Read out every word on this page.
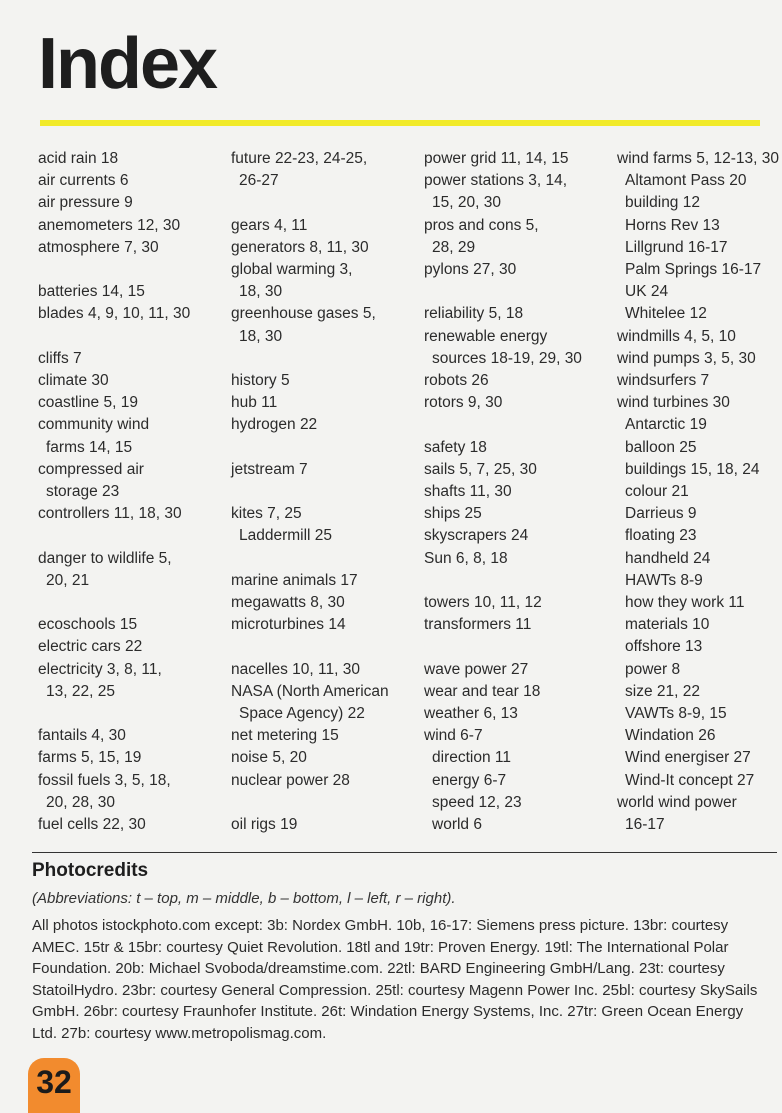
Index
acid rain 18
air currents 6
air pressure 9
anemometers 12, 30
atmosphere 7, 30
batteries 14, 15
blades 4, 9, 10, 11, 30
cliffs 7
climate 30
coastline 5, 19
community wind
farms 14, 15
compressed air
storage 23
controllers 11, 18, 30
danger to wildlife 5,
20, 21
ecoschools 15
electric cars 22
electricity 3, 8, 11,
13, 22, 25
fantails 4, 30
farms 5, 15, 19
fossil fuels 3, 5, 18,
20, 28, 30
fuel cells 22, 30
future 22-23, 24-25,
26-27
gears 4, 11
generators 8, 11, 30
global warming 3,
18, 30
greenhouse gases 5,
18, 30
history 5
hub 11
hydrogen 22
jetstream 7
kites 7, 25
Laddermill 25
marine animals 17
megawatts 8, 30
microturbines 14
nacelles 10, 11, 30
NASA (North American
Space Agency) 22
net metering 15
noise 5, 20
nuclear power 28
oil rigs 19
power grid 11, 14, 15
power stations 3, 14,
15, 20, 30
pros and cons 5,
28, 29
pylons 27, 30
reliability 5, 18
renewable energy
sources 18-19, 29, 30
robots 26
rotors 9, 30
safety 18
sails 5, 7, 25, 30
shafts 11, 30
ships 25
skyscrapers 24
Sun 6, 8, 18
towers 10, 11, 12
transformers 11
wave power 27
wear and tear 18
weather 6, 13
wind 6-7
direction 11
energy 6-7
speed 12, 23
world 6
wind farms 5, 12-13, 30
Altamont Pass 20
building 12
Horns Rev 13
Lillgrund 16-17
Palm Springs 16-17
UK 24
Whitelee 12
windmills 4, 5, 10
wind pumps 3, 5, 30
windsurfers 7
wind turbines 30
Antarctic 19
balloon 25
buildings 15, 18, 24
colour 21
Darrieus 9
floating 23
handheld 24
HAWTs 8-9
how they work 11
materials 10
offshore 13
power 8
size 21, 22
VAWTs 8-9, 15
Windation 26
Wind energiser 27
Wind-It concept 27
world wind power
16-17
Photocredits

(Abbreviations: t – top, m – middle, b – bottom, l – left, r – right).

All photos istockphoto.com except: 3b: Nordex GmbH. 10b, 16-17: Siemens press picture. 13br: courtesy AMEC. 15tr & 15br: courtesy Quiet Revolution. 18tl and 19tr: Proven Energy. 19tl: The International Polar Foundation. 20b: Michael Svoboda/dreamstime.com. 22tl: BARD Engineering GmbH/Lang. 23t: courtesy StatoilHydro. 23br: courtesy General Compression. 25tl: courtesy Magenn Power Inc. 25bl: courtesy SkySails GmbH. 26br: courtesy Fraunhofer Institute. 26t: Windation Energy Systems, Inc. 27tr: Green Ocean Energy Ltd. 27b: courtesy www.metropolismag.com.

32
